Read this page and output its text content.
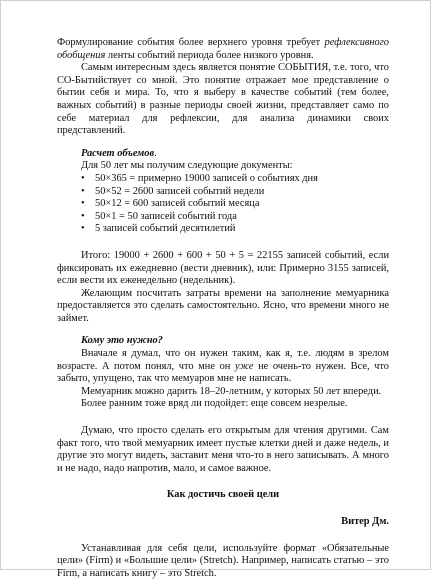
Формулирование события более верхнего уровня требует рефлексивного обобщения ленты событий периода более низкого уровня.

Самым интересным здесь является понятие СОБЫТИЯ, т.е. того, что СО-Бытийствует со мной. Это понятие отражает мое представление о бытии себя и мира. То, что я выберу в качестве событий (тем более, важных событий) в разные периоды своей жизни, представляет само по себе материал для рефлексии, для анализа динамики своих представлений.

Расчет объемов.

Для 50 лет мы получим следующие документы:

• 50×365 = примерно 19000 записей о событиях дня
• 50×52 = 2600 записей событий недели
• 50×12 = 600 записей событий месяца
• 50×1 = 50 записей событий года
• 5 записей событий десятилетий

Итого: 19000 + 2600 + 600 + 50 + 5 = 22155 записей событий, если фиксировать их ежедневно (вести дневник), или: Примерно 3155 записей, если вести их еженедельно (недельник).

Желающим посчитать затраты времени на заполнение мемуарника предоставляется это сделать самостоятельно. Ясно, что времени много не займет.

Кому это нужно?

Вначале я думал, что он нужен таким, как я, т.е. людям в зрелом возрасте. А потом понял, что мне он уже не очень-то нужен. Все, что забыто, упущено, так что мемуаров мне не написать.

Мемуарник можно дарить 18–20-летним, у которых 50 лет впереди.

Более ранним тоже вряд ли подойдет: еще совсем незрелые.

Думаю, что просто сделать его открытым для чтения другими. Сам факт того, что твой мемуарник имеет пустые клетки дней и даже недель, и другие это могут видеть, заставит меня что-то в него записывать. А много и не надо, надо напротив, мало, и самое важное.

Как достичь своей цели

Витер Дм.

Устанавливая для себя цели, используйте формат «Обязательные цели» (Firm) и «Большие цели» (Stretch). Например, написать статью – это Firm, а написать книгу – это Stretch.
